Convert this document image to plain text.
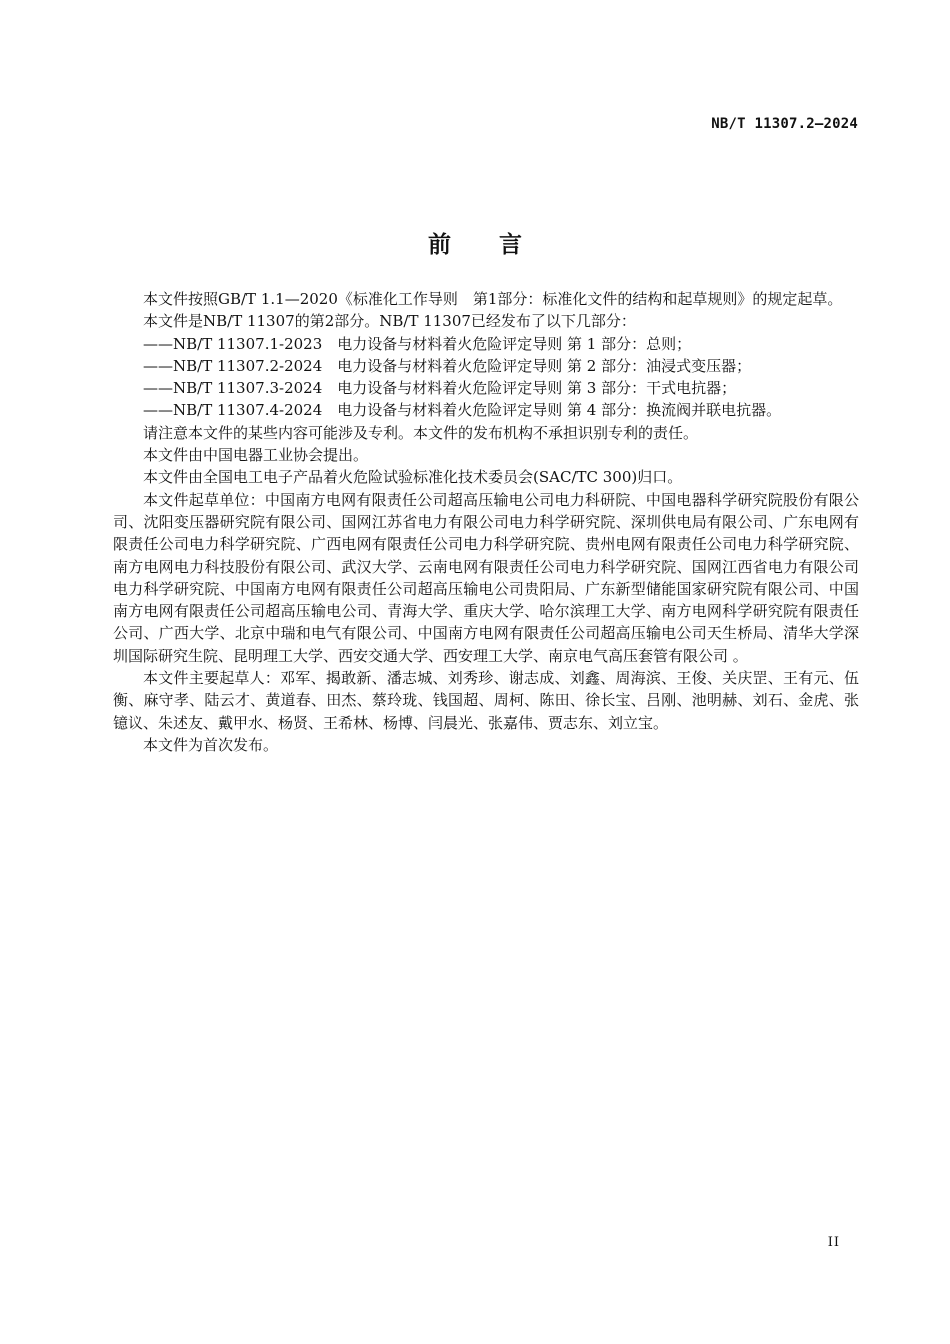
NB/T 11307.2—2024
前言

本文件按照GB/T 1.1—2020《标准化工作导则　第1部分：标准化文件的结构和起草规则》的规定起草。

本文件是NB/T 11307的第2部分。NB/T 11307已经发布了以下几部分：

——NB/T 11307.1-2023　电力设备与材料着火危险评定导则 第 1 部分：总则；

——NB/T 11307.2-2024　电力设备与材料着火危险评定导则 第 2 部分：油浸式变压器；

——NB/T 11307.3-2024　电力设备与材料着火危险评定导则 第 3 部分：干式电抗器；

——NB/T 11307.4-2024　电力设备与材料着火危险评定导则 第 4 部分：换流阀并联电抗器。

请注意本文件的某些内容可能涉及专利。本文件的发布机构不承担识别专利的责任。

本文件由中国电器工业协会提出。

本文件由全国电工电子产品着火危险试验标准化技术委员会(SAC/TC 300)归口。

本文件起草单位：中国南方电网有限责任公司超高压输电公司电力科研院、中国电器科学研究院股份有限公司、沈阳变压器研究院有限公司、国网江苏省电力有限公司电力科学研究院、深圳供电局有限公司、广东电网有限责任公司电力科学研究院、广西电网有限责任公司电力科学研究院、贵州电网有限责任公司电力科学研究院、南方电网电力科技股份有限公司、武汉大学、云南电网有限责任公司电力科学研究院、国网江西省电力有限公司电力科学研究院、中国南方电网有限责任公司超高压输电公司贵阳局、广东新型储能国家研究院有限公司、中国南方电网有限责任公司超高压输电公司、青海大学、重庆大学、哈尔滨理工大学、南方电网科学研究院有限责任公司、广西大学、北京中瑞和电气有限公司、中国南方电网有限责任公司超高压输电公司天生桥局、清华大学深圳国际研究生院、昆明理工大学、西安交通大学、西安理工大学、南京电气高压套管有限公司 。

本文件主要起草人：邓军、揭敢新、潘志城、刘秀珍、谢志成、刘鑫、周海滨、王俊、关庆罡、王有元、伍衡、麻守孝、陆云才、黄道春、田杰、蔡玲珑、钱国超、周柯、陈田、徐长宝、吕刚、池明赫、刘石、金虎、张镱议、朱述友、戴甲水、杨贤、王希林、杨博、闫晨光、张嘉伟、贾志东、刘立宝。

本文件为首次发布。

II
